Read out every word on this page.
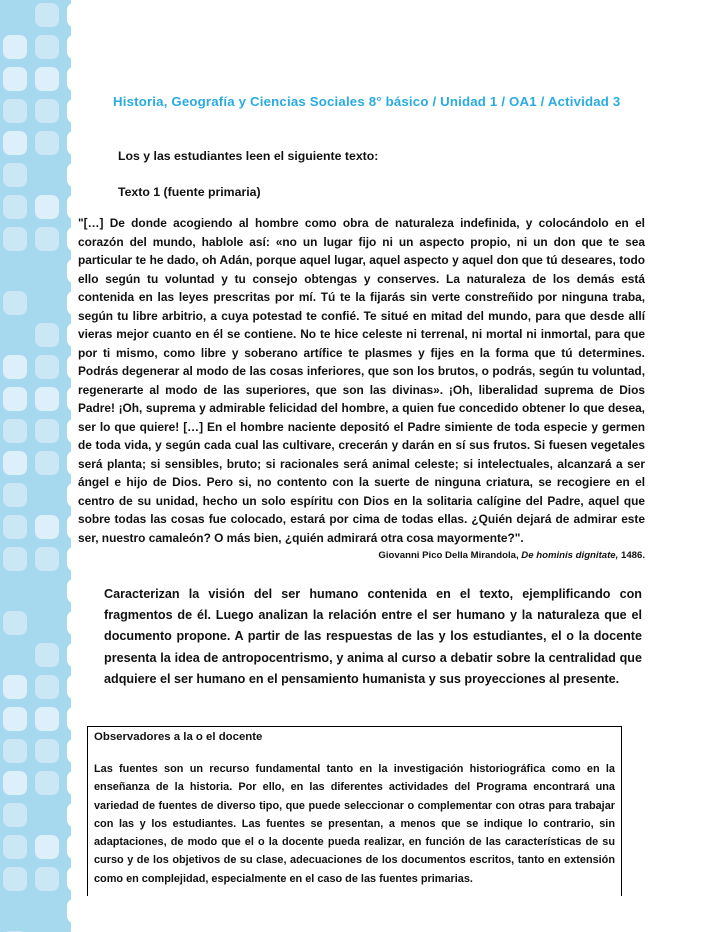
Historia, Geografía y Ciencias Sociales 8° básico / Unidad 1 / OA1 / Actividad 3

Los y las estudiantes leen el siguiente texto:

Texto 1 (fuente primaria)

"[…] De donde acogiendo al hombre como obra de naturaleza indefinida, y colocándolo en el corazón del mundo, hablole así: «no un lugar fijo ni un aspecto propio, ni un don que te sea particular te he dado, oh Adán, porque aquel lugar, aquel aspecto y aquel don que tú deseares, todo ello según tu voluntad y tu consejo obtengas y conserves. La naturaleza de los demás está contenida en las leyes prescritas por mí. Tú te la fijarás sin verte constreñido por ninguna traba, según tu libre arbitrio, a cuya potestad te confié. Te situé en mitad del mundo, para que desde allí vieras mejor cuanto en él se contiene. No te hice celeste ni terrenal, ni mortal ni inmortal, para que por ti mismo, como libre y soberano artífice te plasmes y fijes en la forma que tú determines. Podrás degenerar al modo de las cosas inferiores, que son los brutos, o podrás, según tu voluntad, regenerarte al modo de las superiores, que son las divinas». ¡Oh, liberalidad suprema de Dios Padre! ¡Oh, suprema y admirable felicidad del hombre, a quien fue concedido obtener lo que desea, ser lo que quiere! […] En el hombre naciente depositó el Padre simiente de toda especie y germen de toda vida, y según cada cual las cultivare, crecerán y darán en sí sus frutos. Si fuesen vegetales será planta; si sensibles, bruto; si racionales será animal celeste; si intelectuales, alcanzará a ser ángel e hijo de Dios. Pero si, no contento con la suerte de ninguna criatura, se recogiere en el centro de su unidad, hecho un solo espíritu con Dios en la solitaria calígine del Padre, aquel que sobre todas las cosas fue colocado, estará por cima de todas ellas. ¿Quién dejará de admirar este ser, nuestro camaleón? O más bien, ¿quién admirará otra cosa mayormente?".

Giovanni Pico Della Mirandola, De hominis dignitate, 1486.

Caracterizan la visión del ser humano contenida en el texto, ejemplificando con fragmentos de él. Luego analizan la relación entre el ser humano y la naturaleza que el documento propone. A partir de las respuestas de las y los estudiantes, el o la docente presenta la idea de antropocentrismo, y anima al curso a debatir sobre la centralidad que adquiere el ser humano en el pensamiento humanista y sus proyecciones al presente.

Observadores a la o el docente

Las fuentes son un recurso fundamental tanto en la investigación historiográfica como en la enseñanza de la historia. Por ello, en las diferentes actividades del Programa encontrará una variedad de fuentes de diverso tipo, que puede seleccionar o complementar con otras para trabajar con las y los estudiantes. Las fuentes se presentan, a menos que se indique lo contrario, sin adaptaciones, de modo que el o la docente pueda realizar, en función de las características de su curso y de los objetivos de su clase, adecuaciones de los documentos escritos, tanto en extensión como en complejidad, especialmente en el caso de las fuentes primarias.
